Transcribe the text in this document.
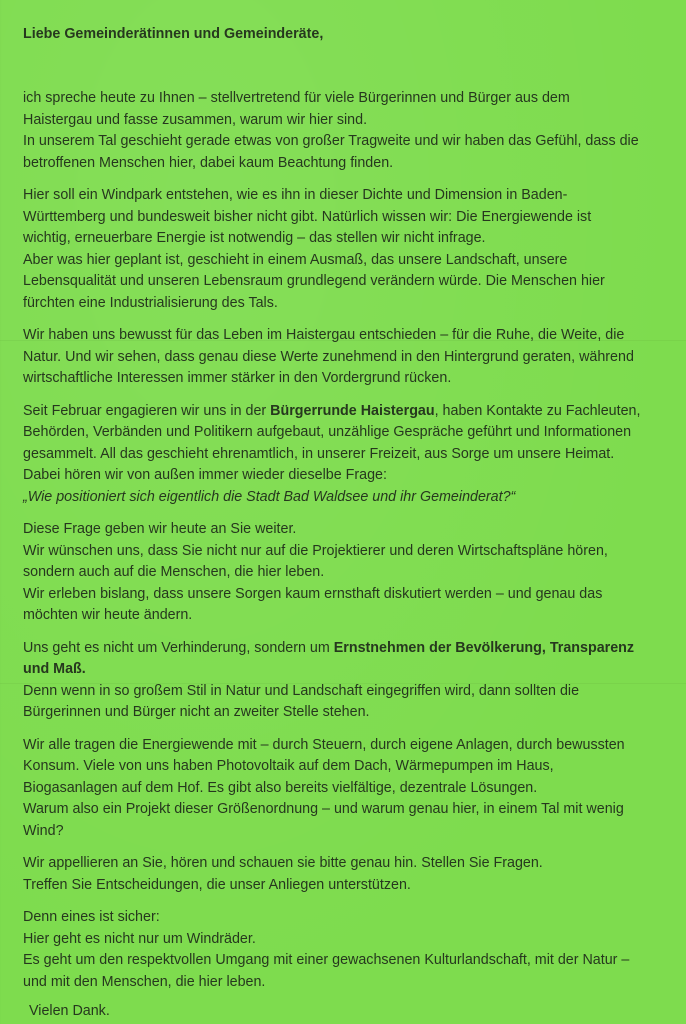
Liebe Gemeinderätinnen und Gemeinderäte,

ich spreche heute zu Ihnen – stellvertretend für viele Bürgerinnen und Bürger aus dem
Haistergau und fasse zusammen, warum wir hier sind.
In unserem Tal geschieht gerade etwas von großer Tragweite und wir haben das Gefühl, dass die
betroffenen Menschen hier, dabei kaum Beachtung finden.

Hier soll ein Windpark entstehen, wie es ihn in dieser Dichte und Dimension in Baden-
Württemberg und bundesweit bisher nicht gibt. Natürlich wissen wir: Die Energiewende ist
wichtig, erneuerbare Energie ist notwendig – das stellen wir nicht infrage.
Aber was hier geplant ist, geschieht in einem Ausmaß, das unsere Landschaft, unsere
Lebensqualität und unseren Lebensraum grundlegend verändern würde. Die Menschen hier
fürchten eine Industrialisierung des Tals.

Wir haben uns bewusst für das Leben im Haistergau entschieden – für die Ruhe, die Weite, die
Natur. Und wir sehen, dass genau diese Werte zunehmend in den Hintergrund geraten, während
wirtschaftliche Interessen immer stärker in den Vordergrund rücken.

Seit Februar engagieren wir uns in der Bürgerrunde Haistergau, haben Kontakte zu Fachleuten,
Behörden, Verbänden und Politikern aufgebaut, unzählige Gespräche geführt und Informationen
gesammelt. All das geschieht ehrenamtlich, in unserer Freizeit, aus Sorge um unsere Heimat.
Dabei hören wir von außen immer wieder dieselbe Frage:
„Wie positioniert sich eigentlich die Stadt Bad Waldsee und ihr Gemeinderat?“

Diese Frage geben wir heute an Sie weiter.
Wir wünschen uns, dass Sie nicht nur auf die Projektierer und deren Wirtschaftspläne hören,
sondern auch auf die Menschen, die hier leben.
Wir erleben bislang, dass unsere Sorgen kaum ernsthaft diskutiert werden – und genau das
möchten wir heute ändern.

Uns geht es nicht um Verhinderung, sondern um Ernstnehmen der Bevölkerung, Transparenz
und Maß.
Denn wenn in so großem Stil in Natur und Landschaft eingegriffen wird, dann sollten die
Bürgerinnen und Bürger nicht an zweiter Stelle stehen.

Wir alle tragen die Energiewende mit – durch Steuern, durch eigene Anlagen, durch bewussten
Konsum. Viele von uns haben Photovoltaik auf dem Dach, Wärmepumpen im Haus,
Biogasanlagen auf dem Hof. Es gibt also bereits vielfältige, dezentrale Lösungen.
Warum also ein Projekt dieser Größenordnung – und warum genau hier, in einem Tal mit wenig
Wind?

Wir appellieren an Sie, hören und schauen sie bitte genau hin. Stellen Sie Fragen.
Treffen Sie Entscheidungen, die unser Anliegen unterstützen.

Denn eines ist sicher:
Hier geht es nicht nur um Windräder.
Es geht um den respektvollen Umgang mit einer gewachsenen Kulturlandschaft, mit der Natur –
und mit den Menschen, die hier leben.

Vielen Dank.
